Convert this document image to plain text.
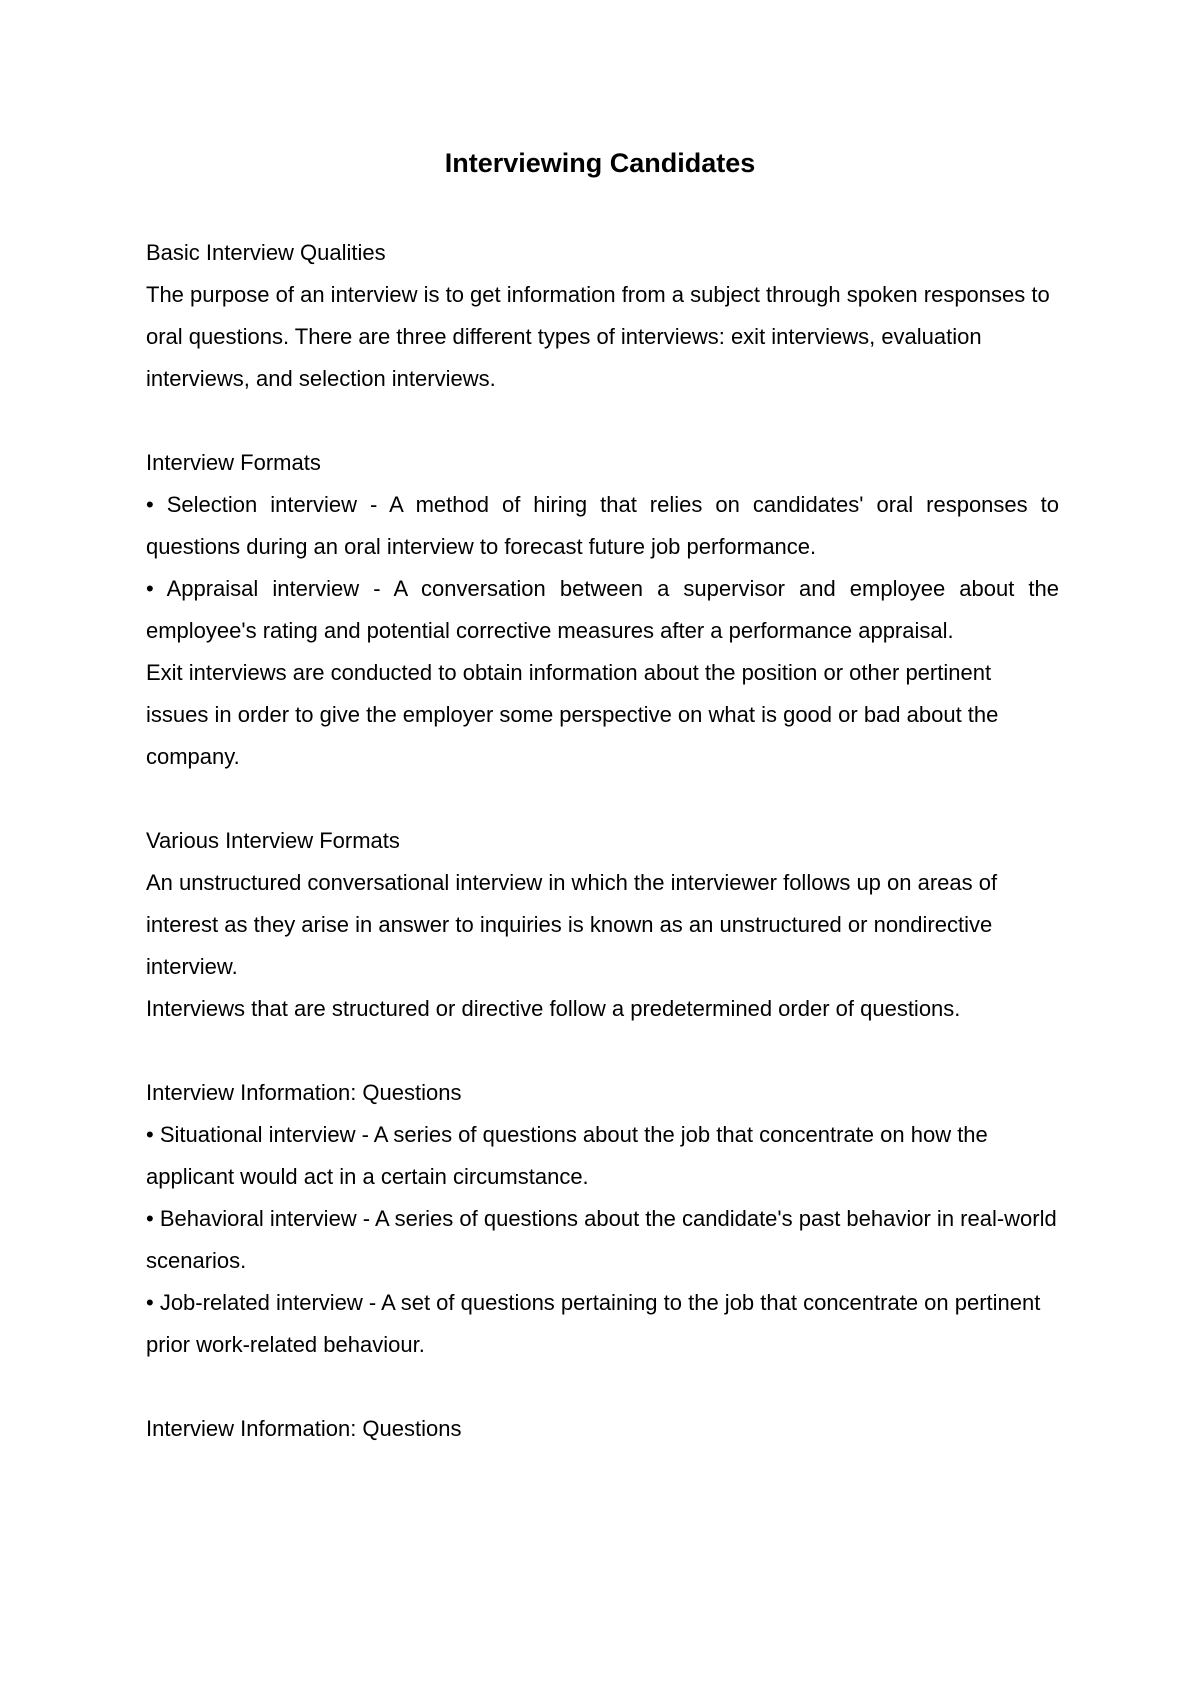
Interviewing Candidates

Basic Interview Qualities

The purpose of an interview is to get information from a subject through spoken responses to oral questions. There are three different types of interviews: exit interviews, evaluation interviews, and selection interviews.

Interview Formats

• Selection interview - A method of hiring that relies on candidates' oral responses to questions during an oral interview to forecast future job performance.

• Appraisal interview - A conversation between a supervisor and employee about the employee's rating and potential corrective measures after a performance appraisal.

Exit interviews are conducted to obtain information about the position or other pertinent issues in order to give the employer some perspective on what is good or bad about the company.

Various Interview Formats

An unstructured conversational interview in which the interviewer follows up on areas of interest as they arise in answer to inquiries is known as an unstructured or nondirective interview.

Interviews that are structured or directive follow a predetermined order of questions.

Interview Information: Questions

• Situational interview - A series of questions about the job that concentrate on how the applicant would act in a certain circumstance.

• Behavioral interview - A series of questions about the candidate's past behavior in real-world scenarios.

• Job-related interview - A set of questions pertaining to the job that concentrate on pertinent prior work-related behaviour.

Interview Information: Questions
